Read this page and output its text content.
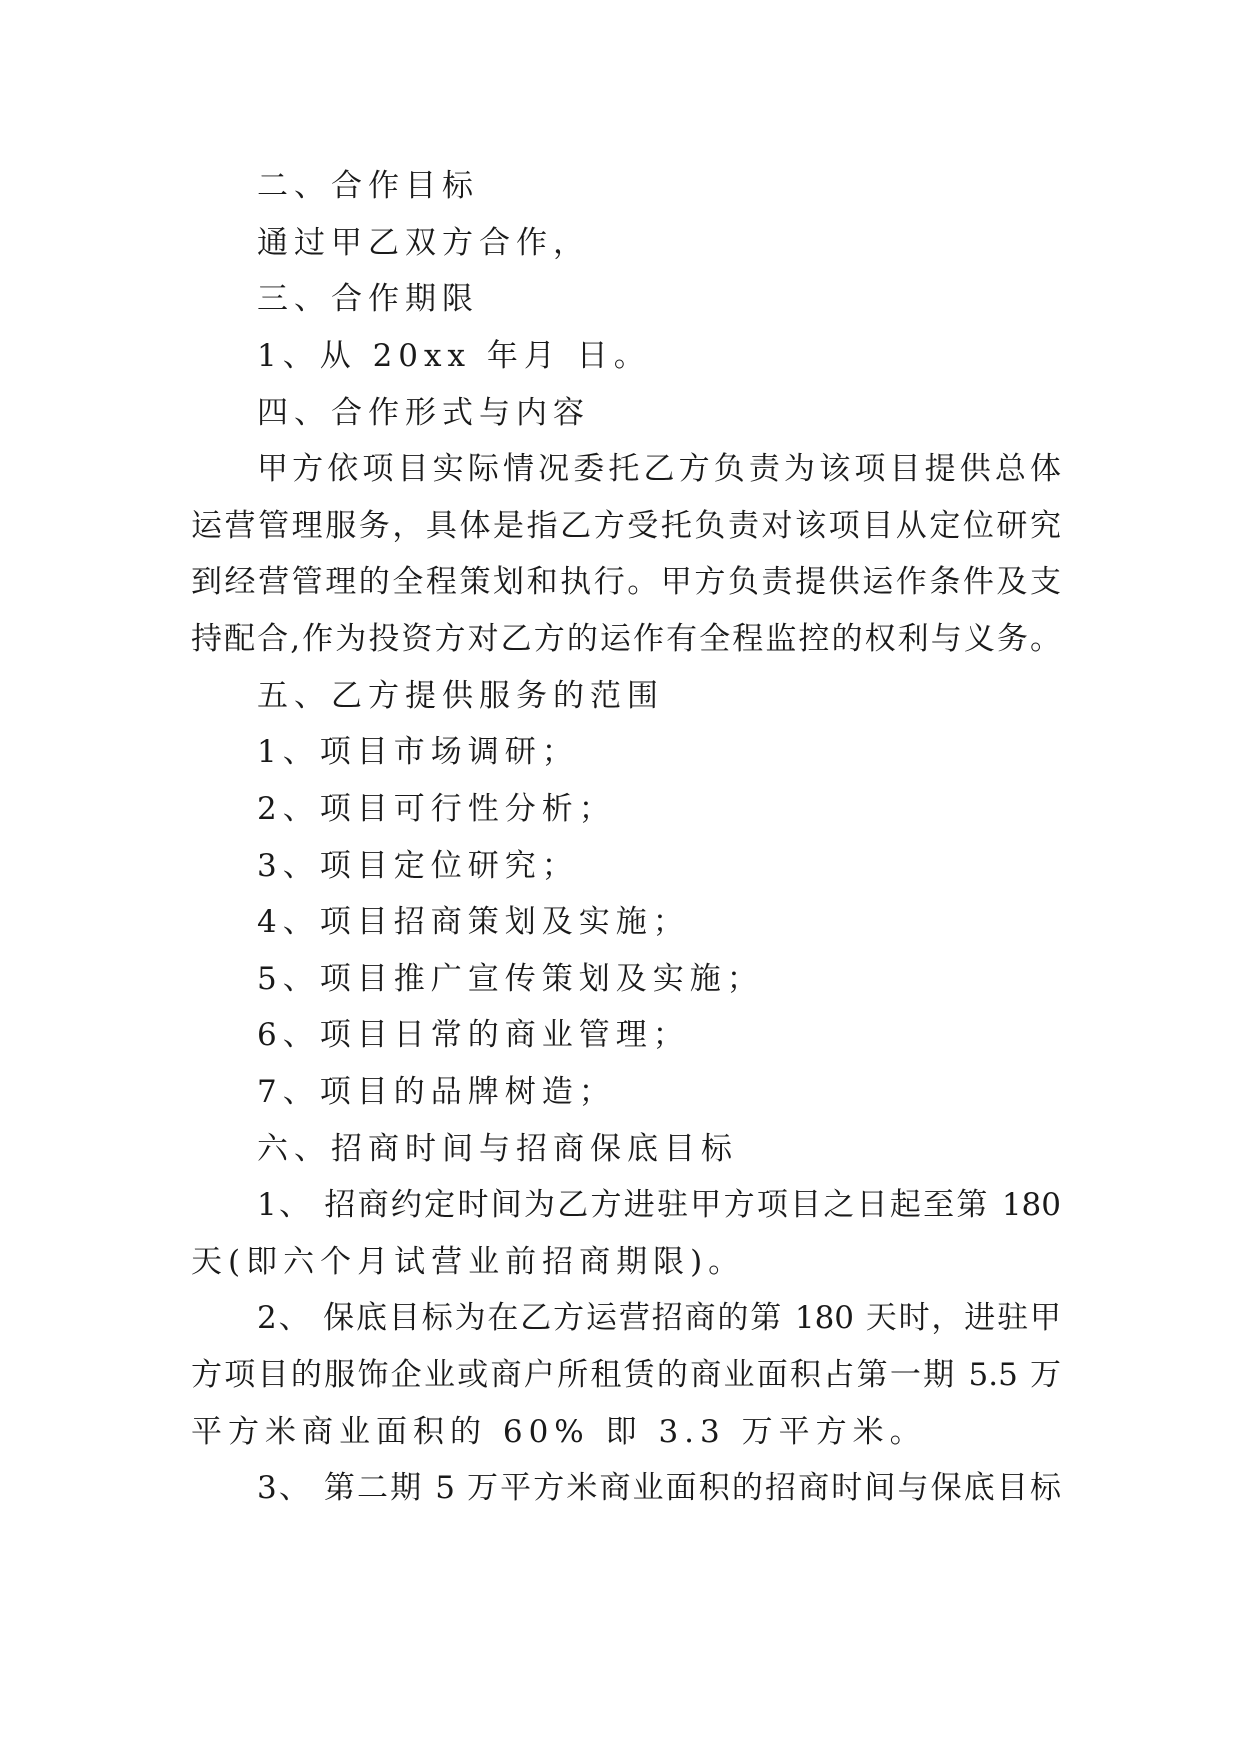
二、合作目标
通过甲乙双方合作，
三、合作期限
1、从 20xx 年月 日。
四、合作形式与内容
甲方依项目实际情况委托乙方负责为该项目提供总体
运营管理服务，具体是指乙方受托负责对该项目从定位研究
到经营管理的全程策划和执行。甲方负责提供运作条件及支
持配合,作为投资方对乙方的运作有全程监控的权利与义务。
五、乙方提供服务的范围
1、项目市场调研；
2、项目可行性分析；
3、项目定位研究；
4、项目招商策划及实施；
5、项目推广宣传策划及实施；
6、项目日常的商业管理；
7、项目的品牌树造；
六、招商时间与招商保底目标
1、 招商约定时间为乙方进驻甲方项目之日起至第 180
天(即六个月试营业前招商期限)。
2、 保底目标为在乙方运营招商的第 180 天时，进驻甲
方项目的服饰企业或商户所租赁的商业面积占第一期 5.5 万
平方米商业面积的 60% 即 3.3 万平方米。
3、 第二期 5 万平方米商业面积的招商时间与保底目标
